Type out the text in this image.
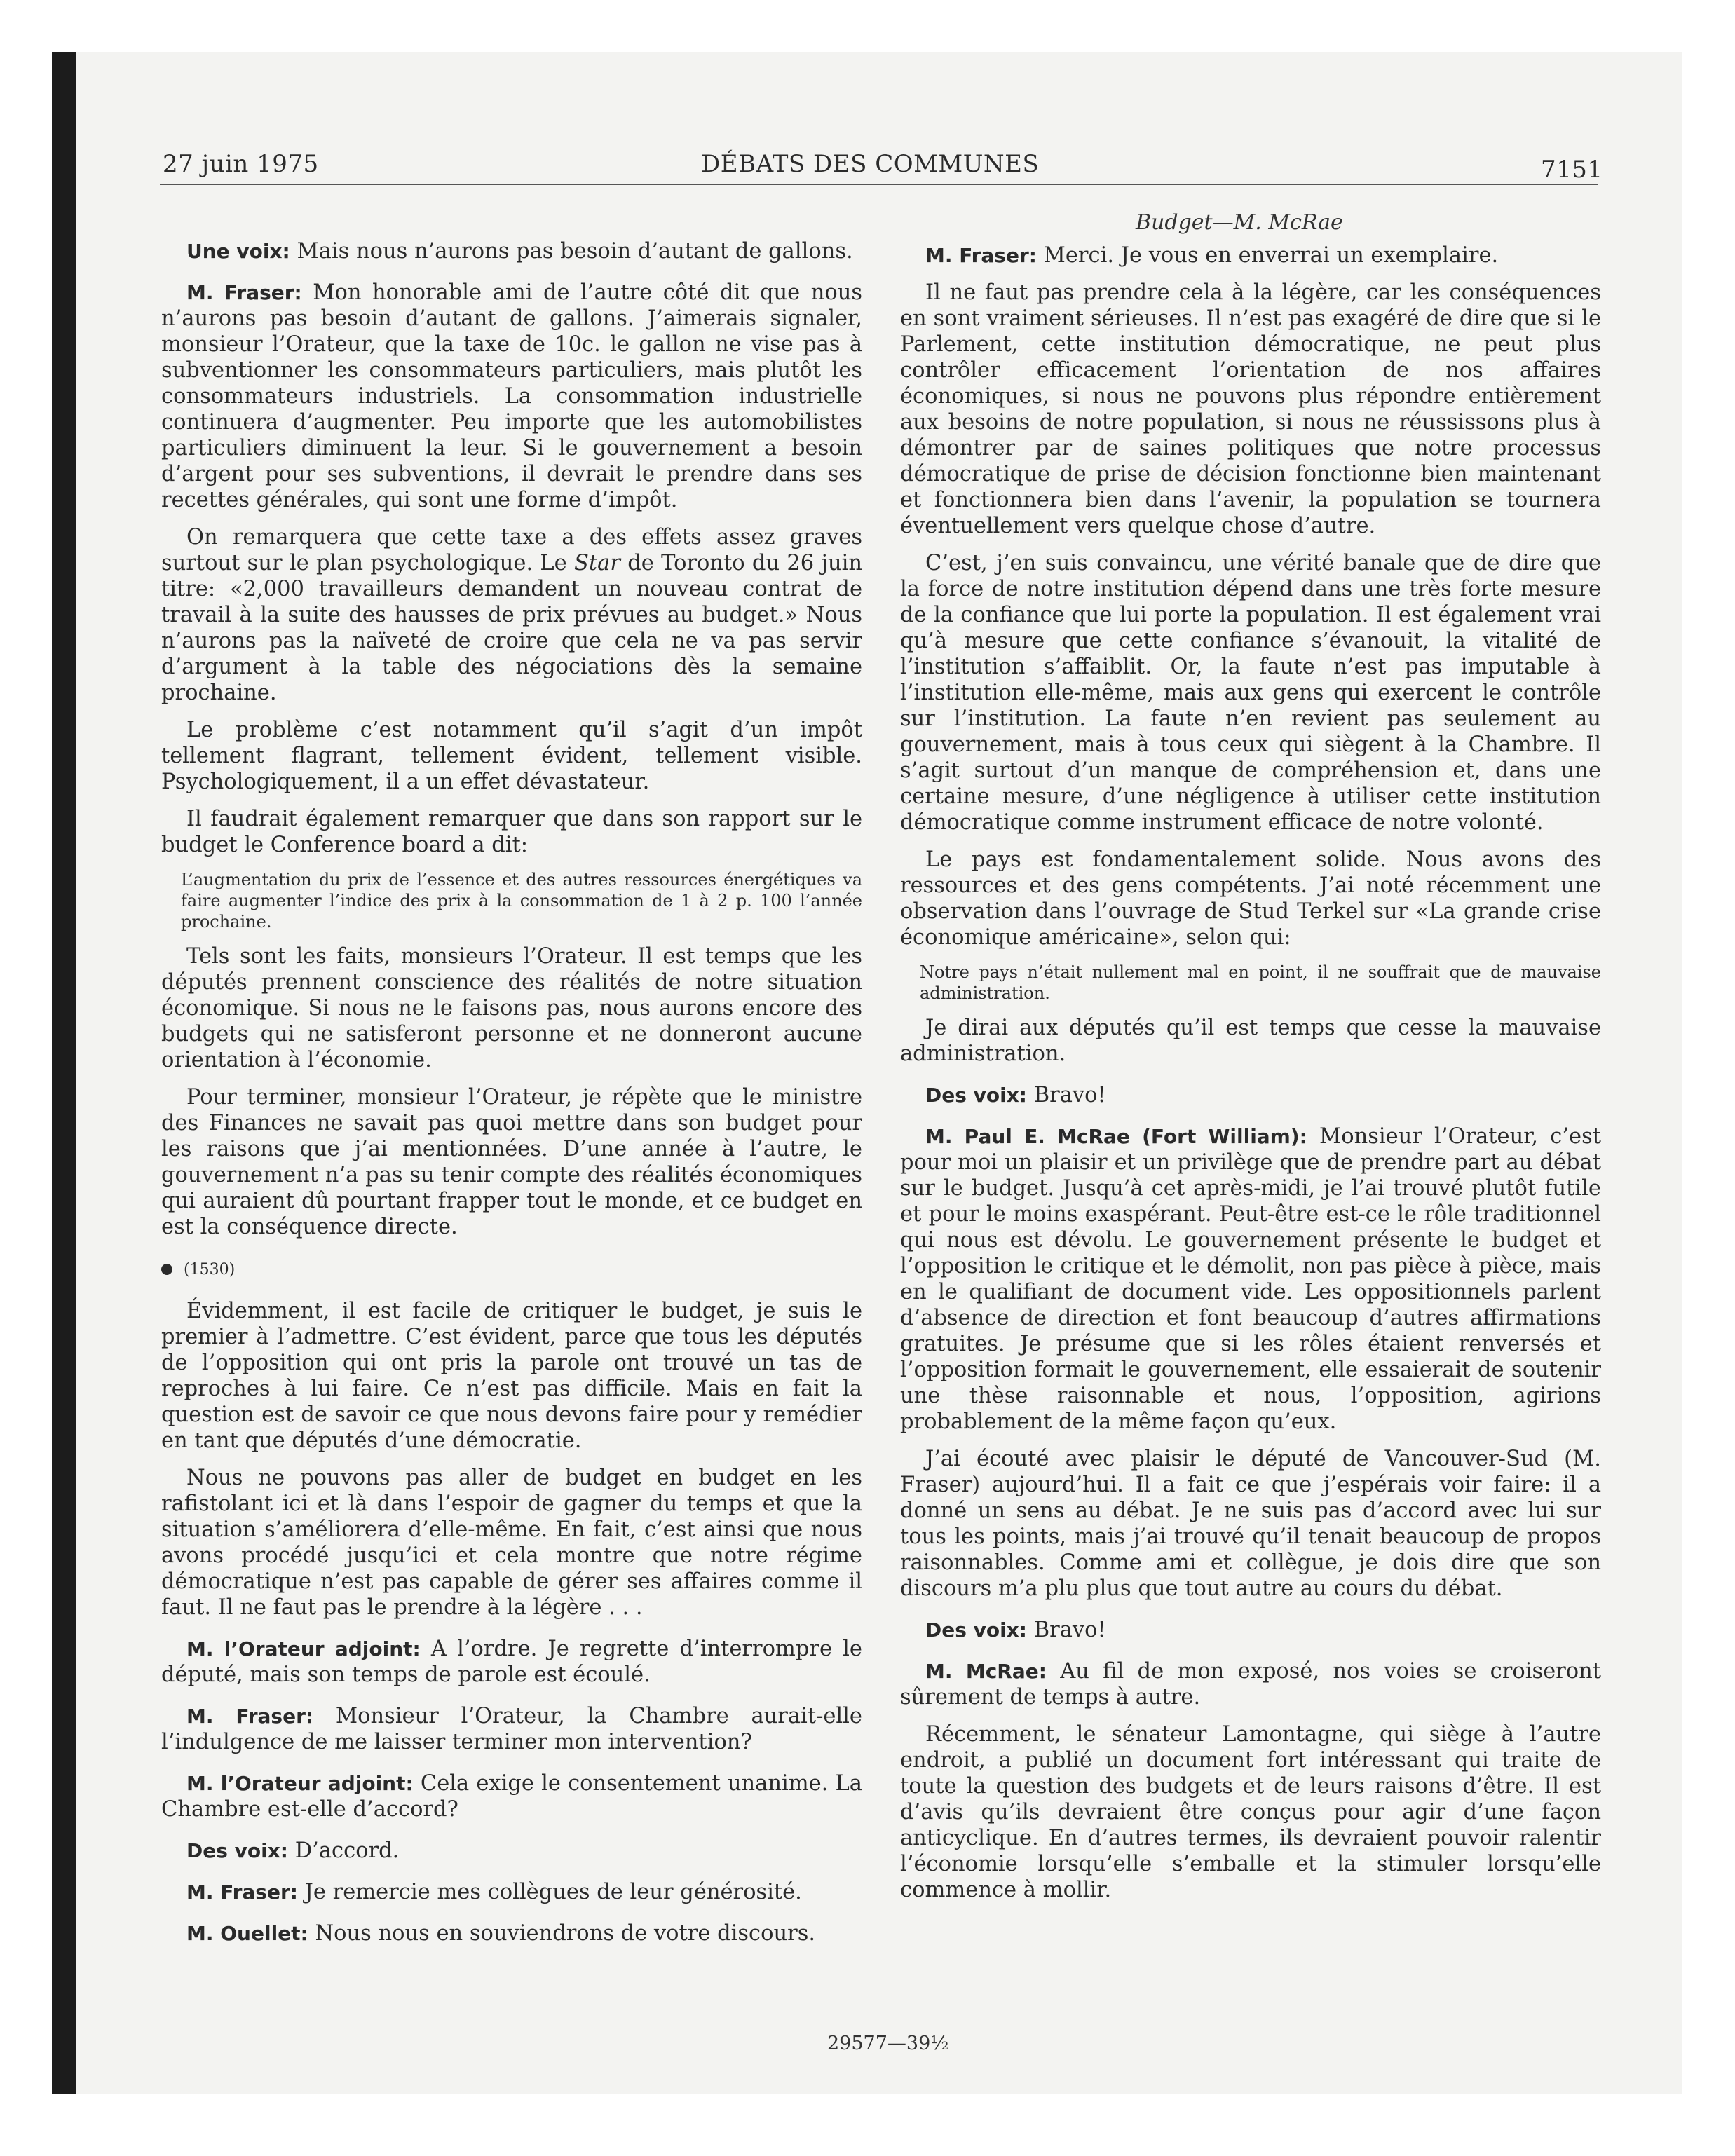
27 juin 1975	DÉBATS DES COMMUNES	7151
Budget—M. McRae

Une voix: Mais nous n’aurons pas besoin d’autant de gallons.

M. Fraser: Mon honorable ami de l’autre côté dit que nous n’aurons pas besoin d’autant de gallons. J’aimerais signaler, monsieur l’Orateur, que la taxe de 10c. le gallon ne vise pas à subventionner les consommateurs particuliers, mais plutôt les consommateurs industriels. La consommation industrielle continuera d’augmenter. Peu importe que les automobilistes particuliers diminuent la leur. Si le gouvernement a besoin d’argent pour ses subventions, il devrait le prendre dans ses recettes générales, qui sont une forme d’impôt.

On remarquera que cette taxe a des effets assez graves surtout sur le plan psychologique. Le Star de Toronto du 26 juin titre: «2,000 travailleurs demandent un nouveau contrat de travail à la suite des hausses de prix prévues au budget.» Nous n’aurons pas la naïveté de croire que cela ne va pas servir d’argument à la table des négociations dès la semaine prochaine.

Le problème c’est notamment qu’il s’agit d’un impôt tellement flagrant, tellement évident, tellement visible. Psychologiquement, il a un effet dévastateur.

Il faudrait également remarquer que dans son rapport sur le budget le Conference board a dit:

L’augmentation du prix de l’essence et des autres ressources énergétiques va faire augmenter l’indice des prix à la consommation de 1 à 2 p. 100 l’année prochaine.

Tels sont les faits, monsieurs l’Orateur. Il est temps que les députés prennent conscience des réalités de notre situation économique. Si nous ne le faisons pas, nous aurons encore des budgets qui ne satisferont personne et ne donneront aucune orientation à l’économie.

Pour terminer, monsieur l’Orateur, je répète que le ministre des Finances ne savait pas quoi mettre dans son budget pour les raisons que j’ai mentionnées. D’une année à l’autre, le gouvernement n’a pas su tenir compte des réalités économiques qui auraient dû pourtant frapper tout le monde, et ce budget en est la conséquence directe.

(1530)

Évidemment, il est facile de critiquer le budget, je suis le premier à l’admettre. C’est évident, parce que tous les députés de l’opposition qui ont pris la parole ont trouvé un tas de reproches à lui faire. Ce n’est pas difficile. Mais en fait la question est de savoir ce que nous devons faire pour y remédier en tant que députés d’une démocratie.

Nous ne pouvons pas aller de budget en budget en les rafistolant ici et là dans l’espoir de gagner du temps et que la situation s’améliorera d’elle-même. En fait, c’est ainsi que nous avons procédé jusqu’ici et cela montre que notre régime démocratique n’est pas capable de gérer ses affaires comme il faut. Il ne faut pas le prendre à la légère . . .

M. l’Orateur adjoint: A l’ordre. Je regrette d’interrompre le député, mais son temps de parole est écoulé.

M. Fraser: Monsieur l’Orateur, la Chambre aurait-elle l’indulgence de me laisser terminer mon intervention?

M. l’Orateur adjoint: Cela exige le consentement unanime. La Chambre est-elle d’accord?

Des voix: D’accord.

M. Fraser: Je remercie mes collègues de leur générosité.

M. Ouellet: Nous nous en souviendrons de votre discours.

M. Fraser: Merci. Je vous en enverrai un exemplaire.

Il ne faut pas prendre cela à la légère, car les conséquences en sont vraiment sérieuses. Il n’est pas exagéré de dire que si le Parlement, cette institution démocratique, ne peut plus contrôler efficacement l’orientation de nos affaires économiques, si nous ne pouvons plus répondre entièrement aux besoins de notre population, si nous ne réussissons plus à démontrer par de saines politiques que notre processus démocratique de prise de décision fonctionne bien maintenant et fonctionnera bien dans l’avenir, la population se tournera éventuellement vers quelque chose d’autre.

C’est, j’en suis convaincu, une vérité banale que de dire que la force de notre institution dépend dans une très forte mesure de la confiance que lui porte la population. Il est également vrai qu’à mesure que cette confiance s’évanouit, la vitalité de l’institution s’affaiblit. Or, la faute n’est pas imputable à l’institution elle-même, mais aux gens qui exercent le contrôle sur l’institution. La faute n’en revient pas seulement au gouvernement, mais à tous ceux qui siègent à la Chambre. Il s’agit surtout d’un manque de compréhension et, dans une certaine mesure, d’une négligence à utiliser cette institution démocratique comme instrument efficace de notre volonté.

Le pays est fondamentalement solide. Nous avons des ressources et des gens compétents. J’ai noté récemment une observation dans l’ouvrage de Stud Terkel sur «La grande crise économique américaine», selon qui:

Notre pays n’était nullement mal en point, il ne souffrait que de mauvaise administration.

Je dirai aux députés qu’il est temps que cesse la mauvaise administration.

Des voix: Bravo!

M. Paul E. McRae (Fort William): Monsieur l’Orateur, c’est pour moi un plaisir et un privilège que de prendre part au débat sur le budget. Jusqu’à cet après-midi, je l’ai trouvé plutôt futile et pour le moins exaspérant. Peut-être est-ce le rôle traditionnel qui nous est dévolu. Le gouvernement présente le budget et l’opposition le critique et le démolit, non pas pièce à pièce, mais en le qualifiant de document vide. Les oppositionnels parlent d’absence de direction et font beaucoup d’autres affirmations gratuites. Je présume que si les rôles étaient renversés et l’opposition formait le gouvernement, elle essaierait de soutenir une thèse raisonnable et nous, l’opposition, agirions probablement de la même façon qu’eux.

J’ai écouté avec plaisir le député de Vancouver-Sud (M. Fraser) aujourd’hui. Il a fait ce que j’espérais voir faire: il a donné un sens au débat. Je ne suis pas d’accord avec lui sur tous les points, mais j’ai trouvé qu’il tenait beaucoup de propos raisonnables. Comme ami et collègue, je dois dire que son discours m’a plu plus que tout autre au cours du débat.

Des voix: Bravo!

M. McRae: Au fil de mon exposé, nos voies se croiseront sûrement de temps à autre.

Récemment, le sénateur Lamontagne, qui siège à l’autre endroit, a publié un document fort intéressant qui traite de toute la question des budgets et de leurs raisons d’être. Il est d’avis qu’ils devraient être conçus pour agir d’une façon anticyclique. En d’autres termes, ils devraient pouvoir ralentir l’économie lorsqu’elle s’emballe et la stimuler lorsqu’elle commence à mollir.

29577—39½
